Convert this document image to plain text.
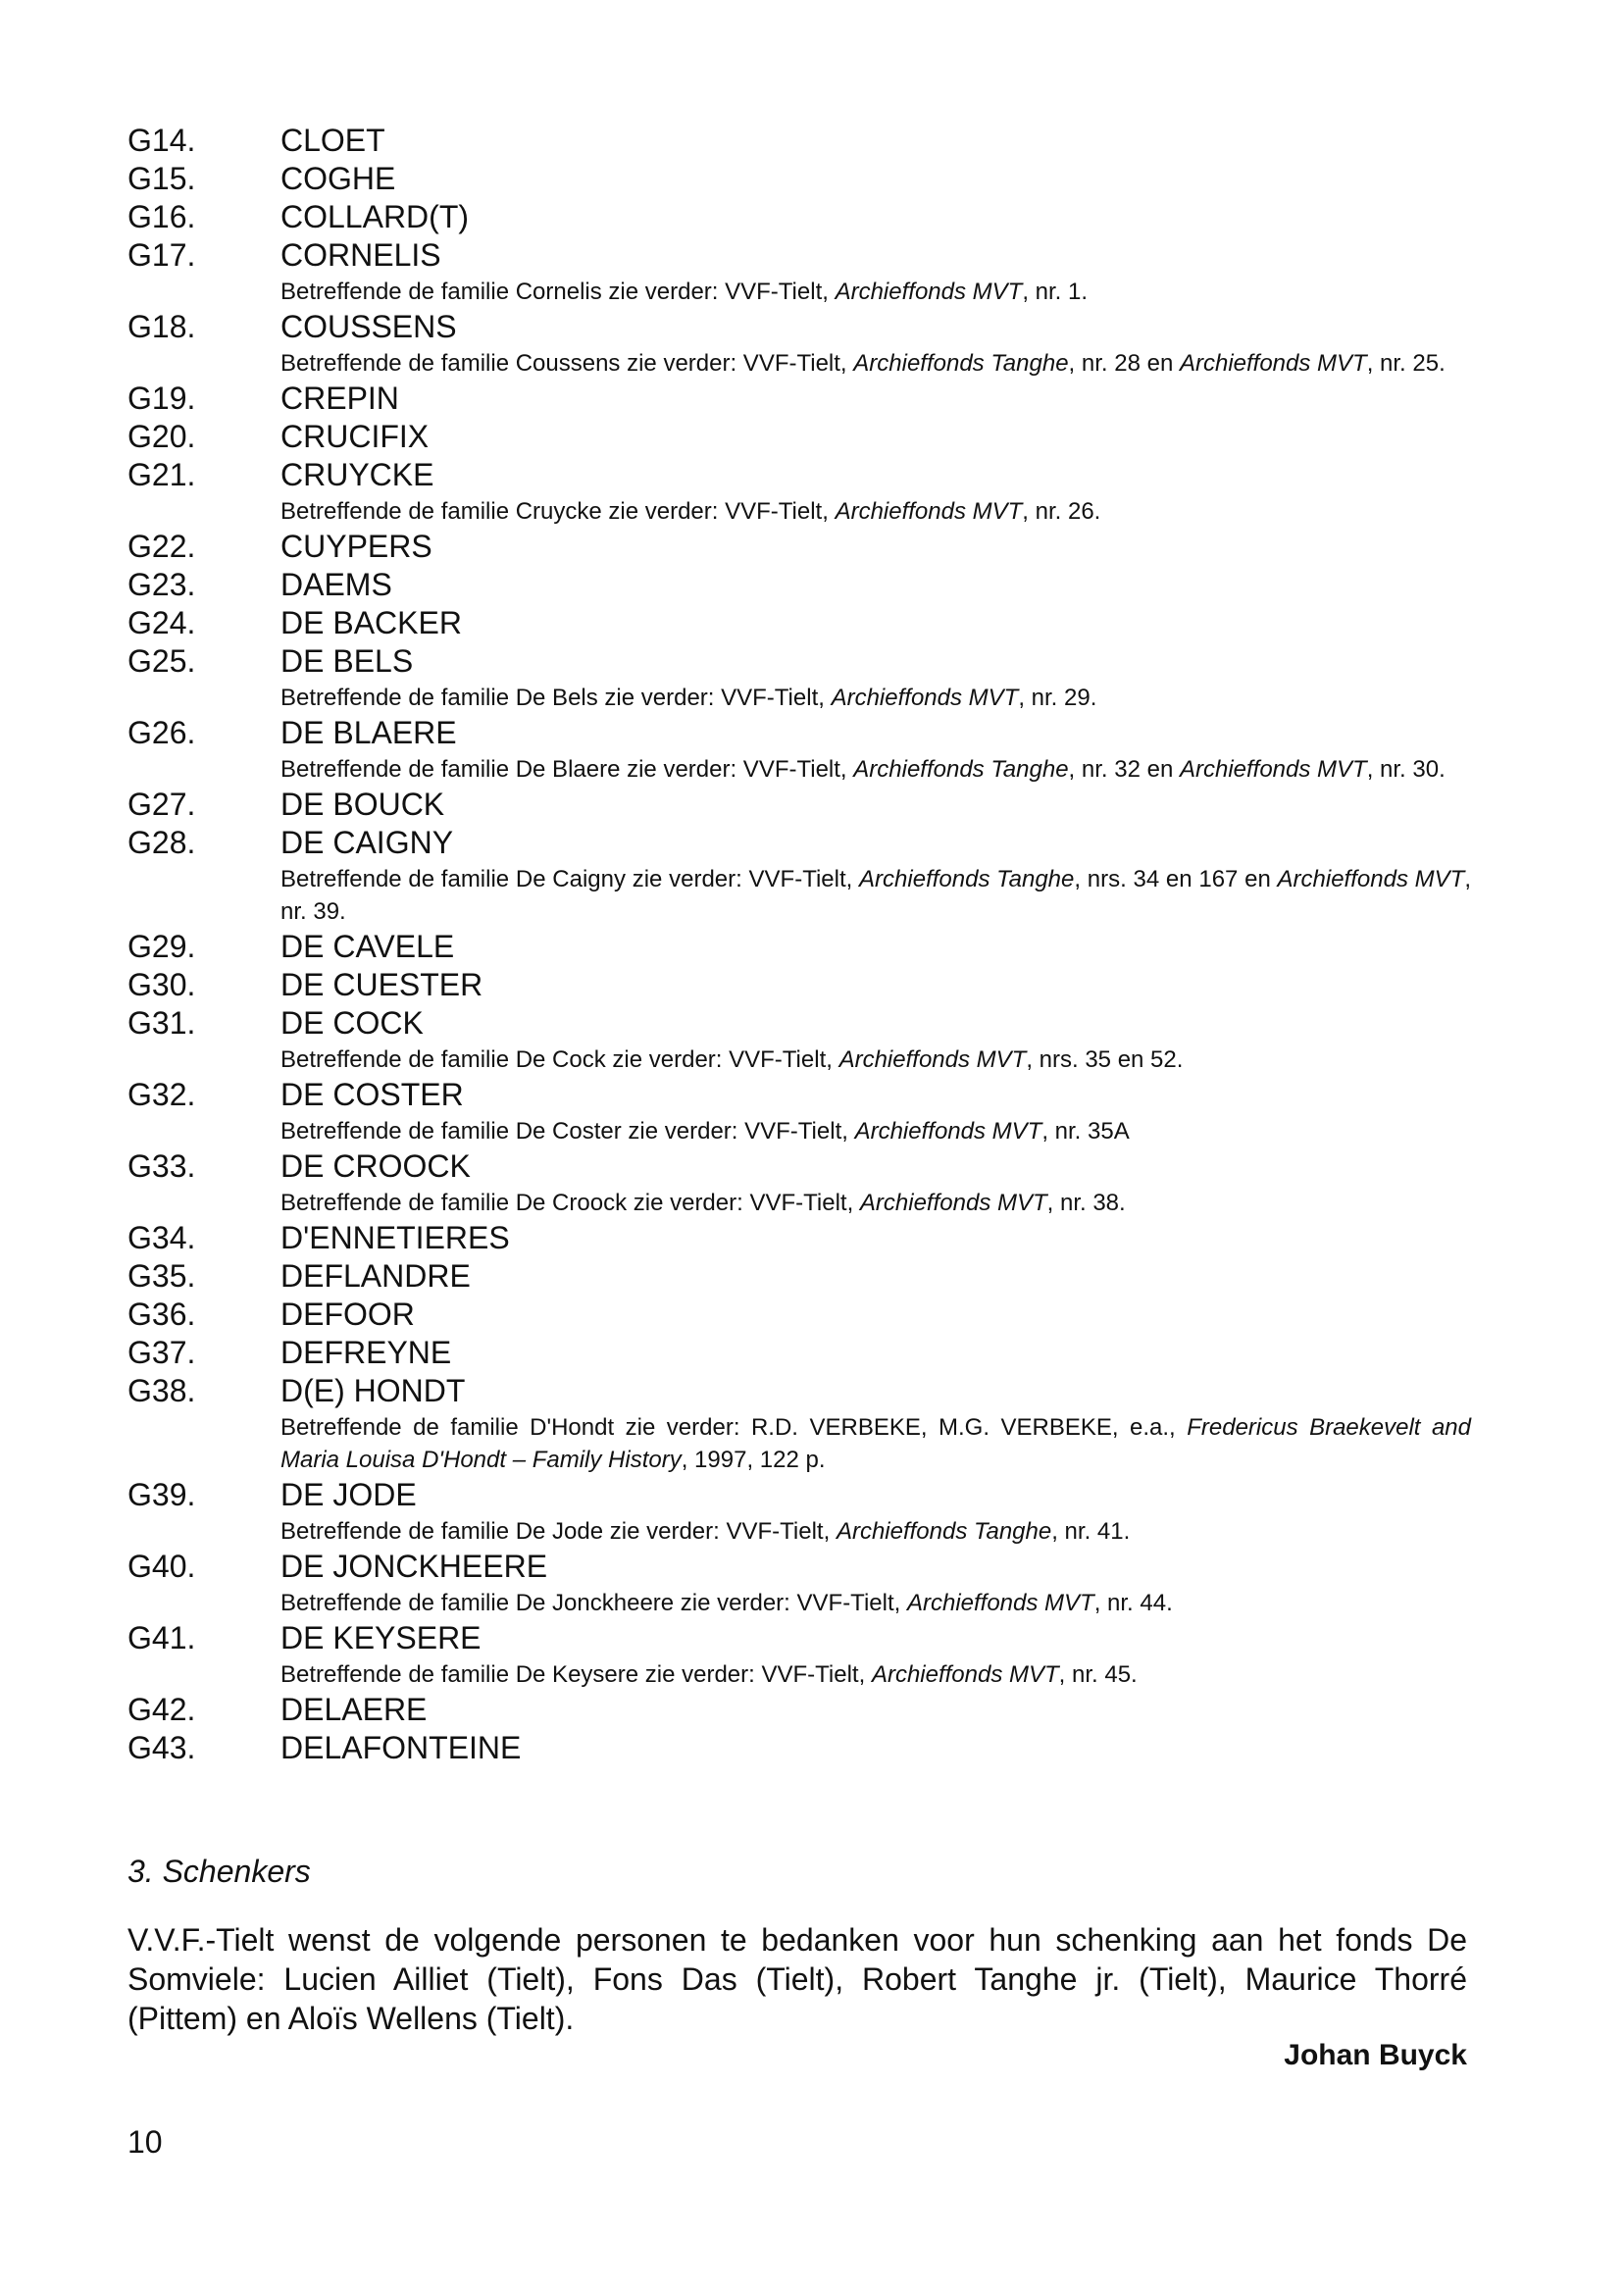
G14.	CLOET
G15.	COGHE
G16.	COLLARD(T)
G17.	CORNELIS
Betreffende de familie Cornelis zie verder: VVF-Tielt, Archieffonds MVT, nr. 1.
G18.	COUSSENS
Betreffende de familie Coussens zie verder: VVF-Tielt, Archieffonds Tanghe, nr. 28 en Archieffonds MVT, nr. 25.
G19.	CREPIN
G20.	CRUCIFIX
G21.	CRUYCKE
Betreffende de familie Cruycke zie verder: VVF-Tielt, Archieffonds MVT, nr. 26.
G22.	CUYPERS
G23.	DAEMS
G24.	DE BACKER
G25.	DE BELS
Betreffende de familie De Bels zie verder: VVF-Tielt, Archieffonds MVT, nr. 29.
G26.	DE BLAERE
Betreffende de familie De Blaere zie verder: VVF-Tielt, Archieffonds Tanghe, nr. 32 en Archieffonds MVT, nr. 30.
G27.	DE BOUCK
G28.	DE CAIGNY
Betreffende de familie De Caigny zie verder: VVF-Tielt, Archieffonds Tanghe, nrs. 34 en 167 en Archieffonds MVT, nr. 39.
G29.	DE CAVELE
G30.	DE CUESTER
G31.	DE COCK
Betreffende de familie De Cock zie verder: VVF-Tielt, Archieffonds MVT, nrs. 35 en 52.
G32.	DE COSTER
Betreffende de familie De Coster zie verder: VVF-Tielt, Archieffonds MVT, nr. 35A
G33.	DE CROOCK
Betreffende de familie De Croock zie verder: VVF-Tielt, Archieffonds MVT, nr. 38.
G34.	D'ENNETIERES
G35.	DEFLANDRE
G36.	DEFOOR
G37.	DEFREYNE
G38.	D(E) HONDT
Betreffende de familie D'Hondt zie verder: R.D. VERBEKE, M.G. VERBEKE, e.a., Fredericus Braekevelt and Maria Louisa D'Hondt – Family History, 1997, 122 p.
G39.	DE JODE
Betreffende de familie De Jode zie verder: VVF-Tielt, Archieffonds Tanghe, nr. 41.
G40.	DE JONCKHEERE
Betreffende de familie De Jonckheere zie verder: VVF-Tielt, Archieffonds MVT, nr. 44.
G41.	DE KEYSERE
Betreffende de familie De Keysere zie verder: VVF-Tielt, Archieffonds MVT, nr. 45.
G42.	DELAERE
G43.	DELAFONTEINE
3. Schenkers
V.V.F.-Tielt wenst de volgende personen te bedanken voor hun schenking aan het fonds De Somviele: Lucien Ailliet (Tielt), Fons Das (Tielt), Robert Tanghe jr. (Tielt), Maurice Thorré (Pittem) en Aloïs Wellens (Tielt).
Johan Buyck
10
